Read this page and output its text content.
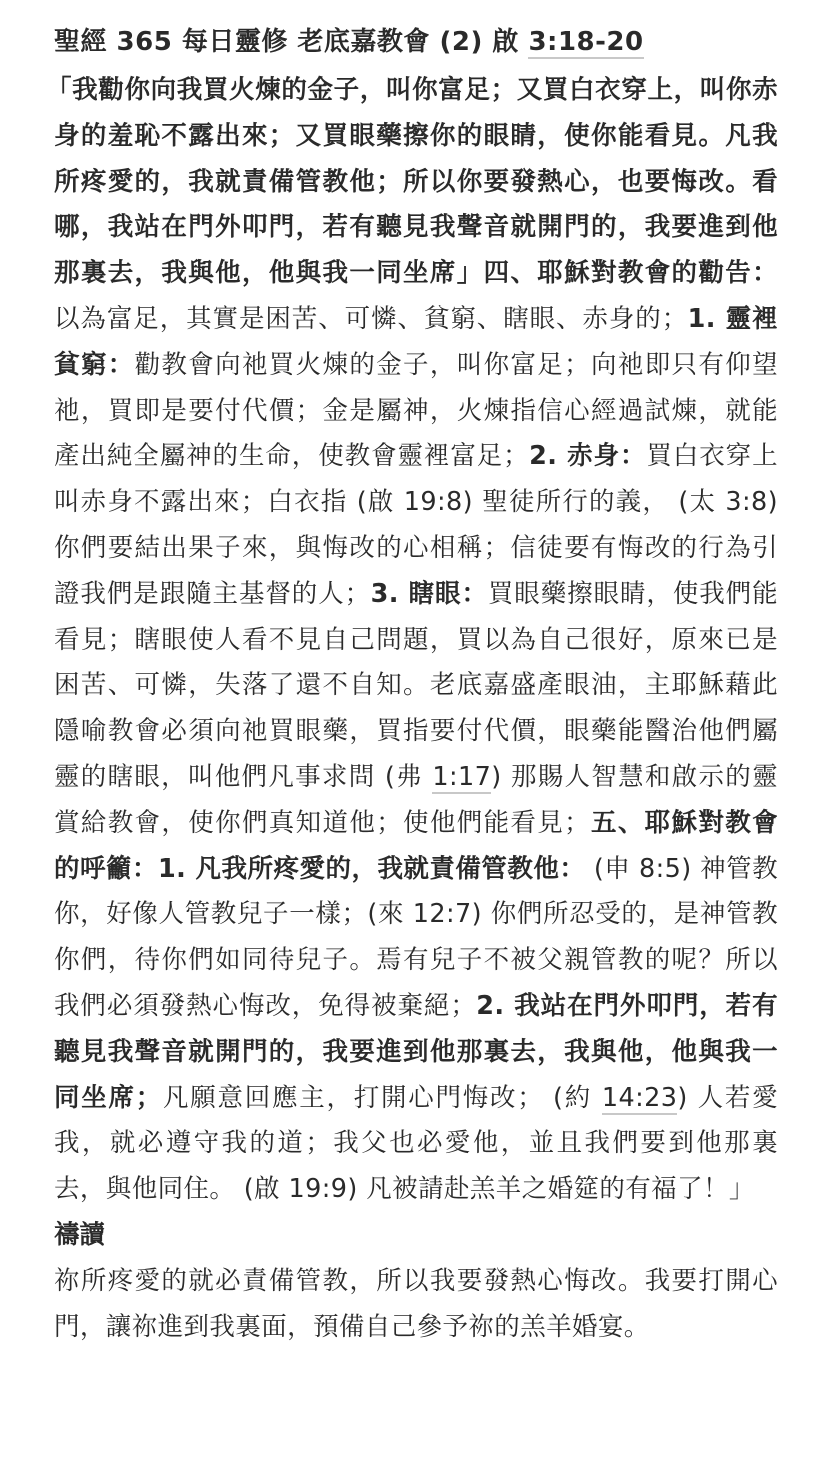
聖經 365 每日靈修 老底嘉教會 (2) 啟 3:18-20

「我勸你向我買火煉的金子，叫你富足；又買白衣穿上，叫你赤身的羞恥不露出來；又買眼藥擦你的眼睛，使你能看見。凡我所疼愛的，我就責備管教他；所以你要發熱心，也要悔改。看哪，我站在門外叩門，若有聽見我聲音就開門的，我要進到他那裏去，我與他，他與我一同坐席」四、耶穌對教會的勸告：以為富足，其實是困苦、可憐、貧窮、瞎眼、赤身的；1. 靈裡貧窮：勸教會向祂買火煉的金子，叫你富足；向祂即只有仰望祂，買即是要付代價；金是屬神，火煉指信心經過試煉，就能產出純全屬神的生命，使教會靈裡富足；2. 赤身：買白衣穿上叫赤身不露出來；白衣指 (啟 19:8) 聖徒所行的義， (太 3:8) 你們要結出果子來，與悔改的心相稱；信徒要有悔改的行為引證我們是跟隨主基督的人；3. 瞎眼：買眼藥擦眼睛，使我們能看見；瞎眼使人看不見自己問題，買以為自己很好，原來已是困苦、可憐，失落了還不自知。老底嘉盛產眼油，主耶穌藉此隱喻教會必須向祂買眼藥，買指要付代價，眼藥能醫治他們屬靈的瞎眼，叫他們凡事求問 (弗 1:17) 那賜人智慧和啟示的靈賞給教會，使你們真知道他；使他們能看見；五、耶穌對教會的呼籲：1. 凡我所疼愛的，我就責備管教他： (申 8:5) 神管教你，好像人管教兒子一樣；(來 12:7) 你們所忍受的，是神管教你們，待你們如同待兒子。焉有兒子不被父親管教的呢？所以我們必須發熱心悔改，免得被棄絕；2. 我站在門外叩門，若有聽見我聲音就開門的，我要進到他那裏去，我與他，他與我一同坐席；凡願意回應主，打開心門悔改； (約 14:23) 人若愛我，就必遵守我的道；我父也必愛他，並且我們要到他那裏去，與他同住。 (啟 19:9) 凡被請赴羔羊之婚筵的有福了！」

禱讀

祢所疼愛的就必責備管教，所以我要發熱心悔改。我要打開心門，讓祢進到我裏面，預備自己參予祢的羔羊婚宴。
